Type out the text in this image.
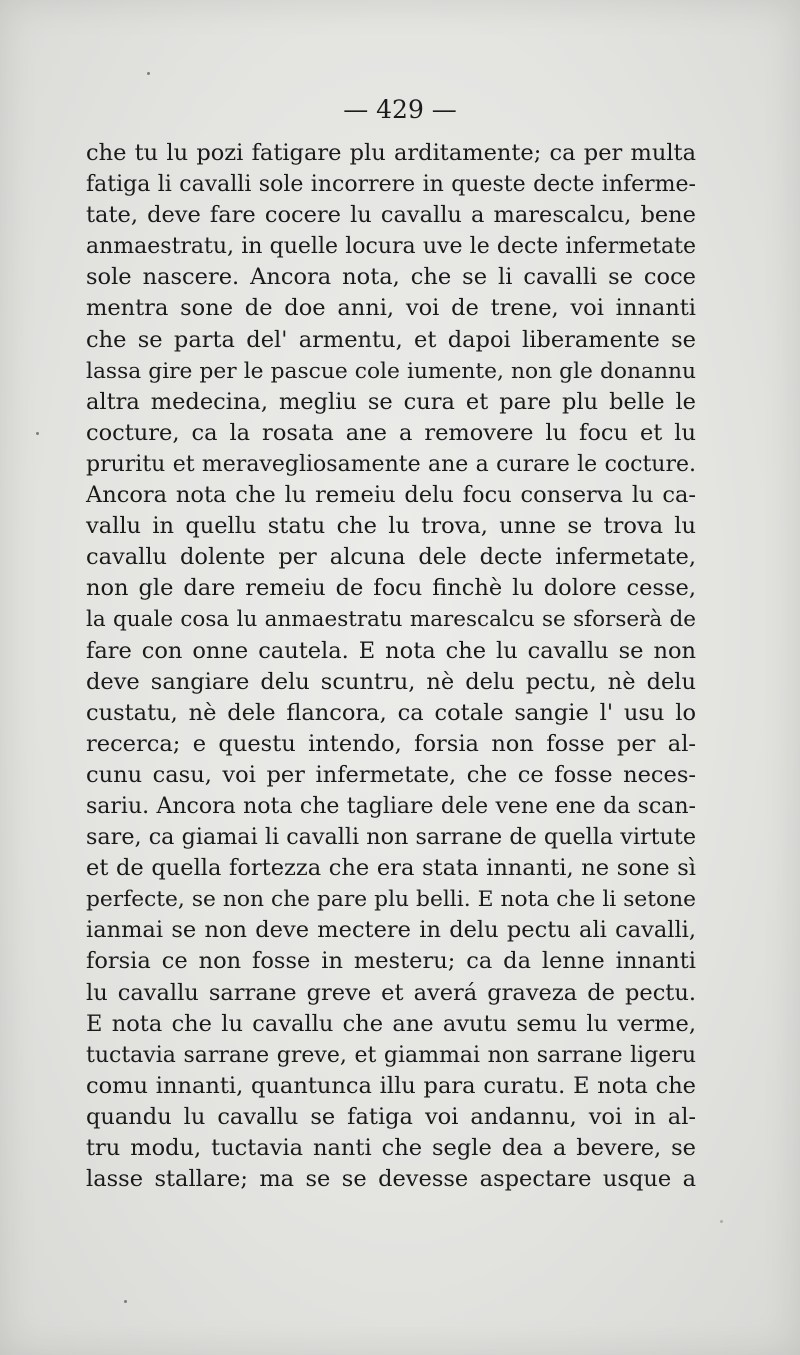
— 429 —
che tu lu pozi fatigare plu arditamente; ca per multa
fatiga li cavalli sole incorrere in queste decte inferme-
tate, deve fare cocere lu cavallu a marescalcu, bene
anmaestratu, in quelle locura uve le decte infermetate
sole nascere. Ancora nota, che se li cavalli se coce
mentra sone de doe anni, voi de trene, voi innanti
che se parta del' armentu, et dapoi liberamente se
lassa gire per le pascue cole iumente, non gle donannu
altra medecina, megliu se cura et pare plu belle le
cocture, ca la rosata ane a removere lu focu et lu
pruritu et meravegliosamente ane a curare le cocture.
Ancora nota che lu remeiu delu focu conserva lu ca-
vallu in quellu statu che lu trova, unne se trova lu
cavallu dolente per alcuna dele decte infermetate,
non gle dare remeiu de focu finchè lu dolore cesse,
la quale cosa lu anmaestratu marescalcu se sforserà de
fare con onne cautela. E nota che lu cavallu se non
deve sangiare delu scuntru, nè delu pectu, nè delu
custatu, nè dele flancora, ca cotale sangie l' usu lo
recerca; e questu intendo, forsia non fosse per al-
cunu casu, voi per infermetate, che ce fosse neces-
sariu. Ancora nota che tagliare dele vene ene da scan-
sare, ca giamai li cavalli non sarrane de quella virtute
et de quella fortezza che era stata innanti, ne sone sì
perfecte, se non che pare plu belli. E nota che li setone
ianmai se non deve mectere in delu pectu ali cavalli,
forsia ce non fosse in mesteru; ca da lenne innanti
lu cavallu sarrane greve et averá graveza de pectu.
E nota che lu cavallu che ane avutu semu lu verme,
tuctavia sarrane greve, et giammai non sarrane ligeru
comu innanti, quantunca illu para curatu. E nota che
quandu lu cavallu se fatiga voi andannu, voi in al-
tru modu, tuctavia nanti che segle dea a bevere, se
lasse stallare; ma se se devesse aspectare usque a
